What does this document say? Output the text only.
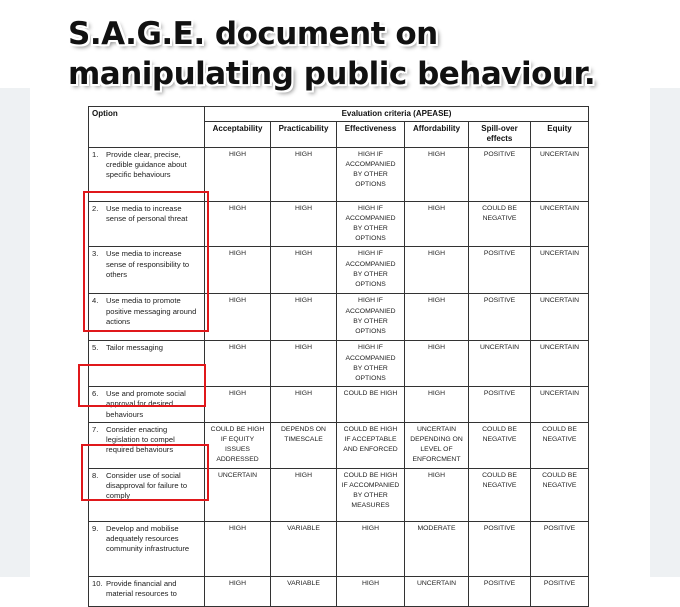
S.A.G.E. document on
manipulating public behaviour.
Option	Evaluation criteria (APEASE)					
	Acceptability	Practicability	Effectiveness	Affordability	Spill-over effects	Equity
1. Provide clear, precise, credible guidance about specific behaviours	HIGH	HIGH	HIGH IF ACCOMPANIED BY OTHER OPTIONS	HIGH	POSITIVE	UNCERTAIN
2. Use media to increase sense of personal threat	HIGH	HIGH	HIGH IF ACCOMPANIED BY OTHER OPTIONS	HIGH	COULD BE NEGATIVE	UNCERTAIN
3. Use media to increase sense of responsibility to others	HIGH	HIGH	HIGH IF ACCOMPANIED BY OTHER OPTIONS	HIGH	POSITIVE	UNCERTAIN
4. Use media to promote positive messaging around actions	HIGH	HIGH	HIGH IF ACCOMPANIED BY OTHER OPTIONS	HIGH	POSITIVE	UNCERTAIN
5. Tailor messaging	HIGH	HIGH	HIGH IF ACCOMPANIED BY OTHER OPTIONS	HIGH	UNCERTAIN	UNCERTAIN
6. Use and promote social approval for desired behaviours	HIGH	HIGH	COULD BE HIGH	HIGH	POSITIVE	UNCERTAIN
7. Consider enacting legislation to compel required behaviours	COULD BE HIGH IF EQUITY ISSUES ADDRESSED	DEPENDS ON TIMESCALE	COULD BE HIGH IF ACCEPTABLE AND ENFORCED	UNCERTAIN DEPENDING ON LEVEL OF ENFORCMENT	COULD BE NEGATIVE	COULD BE NEGATIVE
8. Consider use of social disapproval for failure to comply	UNCERTAIN	HIGH	COULD BE HIGH IF ACCOMPANIED BY OTHER MEASURES	HIGH	COULD BE NEGATIVE	COULD BE NEGATIVE
9. Develop and mobilise adequately resources community infrastructure	HIGH	VARIABLE	HIGH	MODERATE	POSITIVE	POSITIVE
10. Provide financial and material resources to	HIGH	VARIABLE	HIGH	UNCERTAIN	POSITIVE	POSITIVE
